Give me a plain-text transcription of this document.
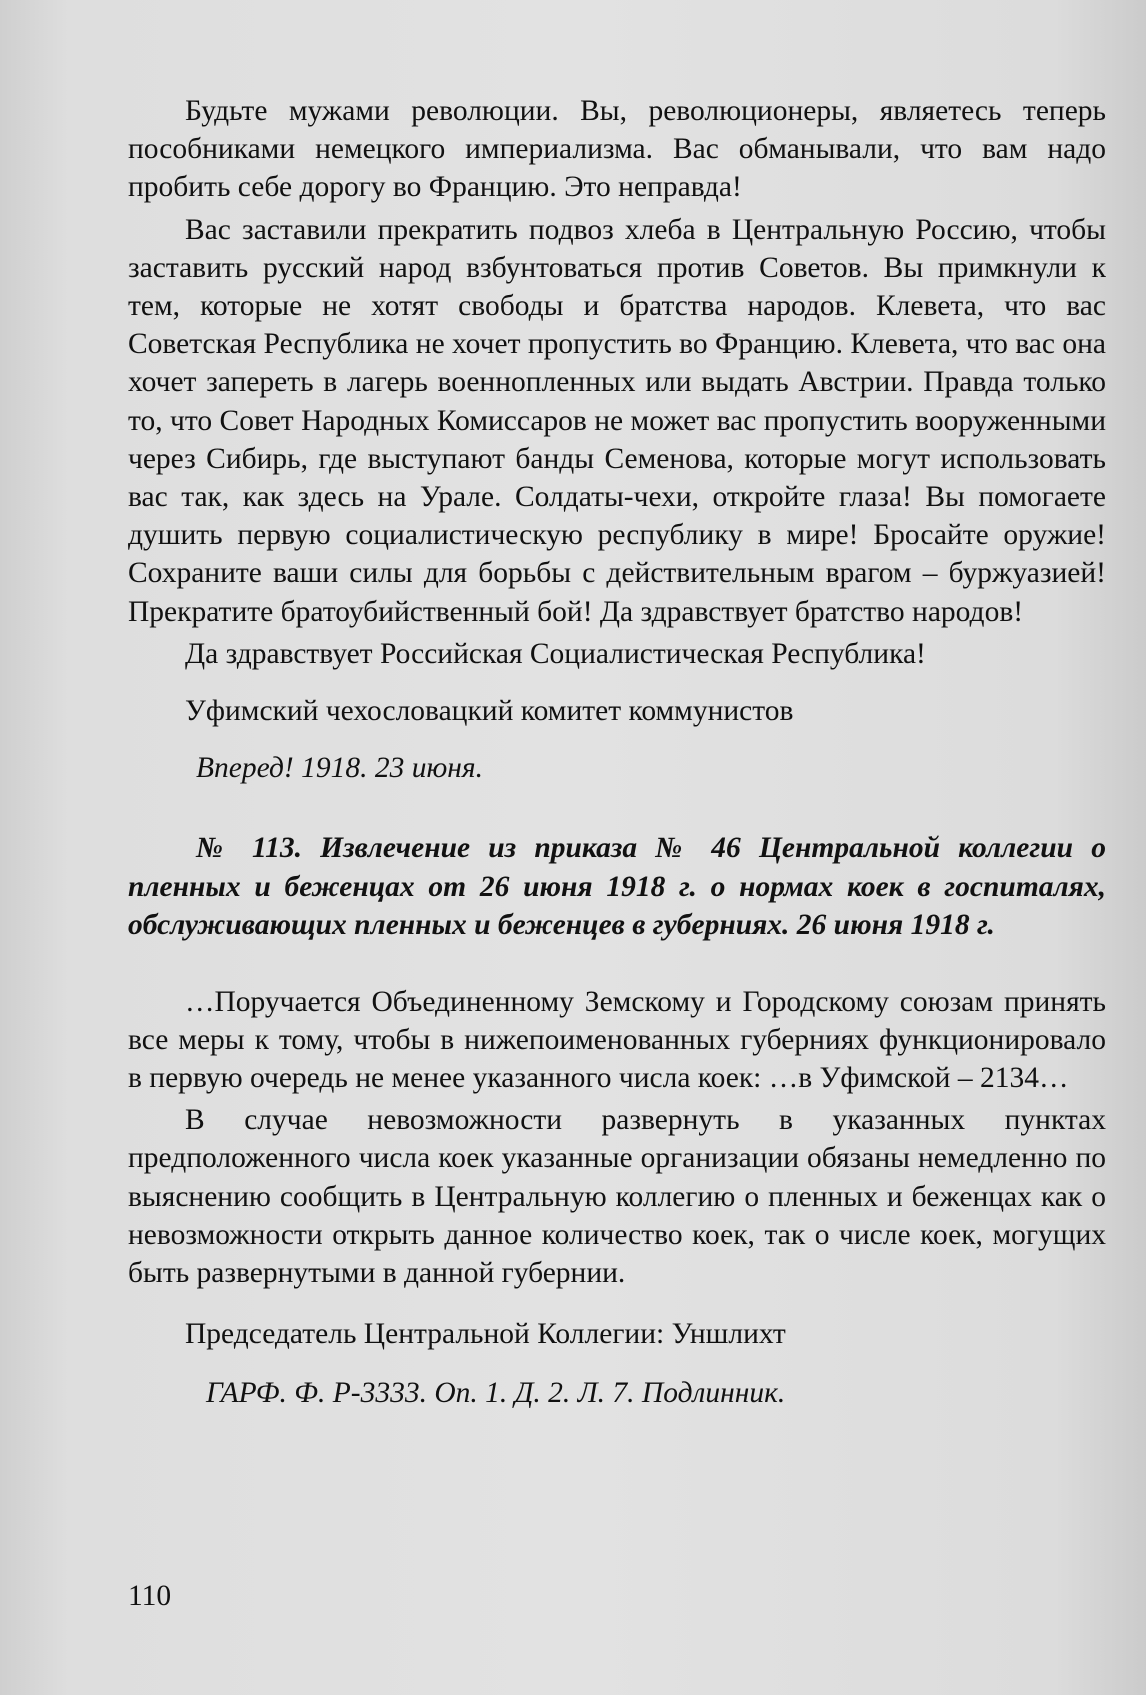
Будьте мужами революции. Вы, революционеры, являетесь теперь пособниками немецкого империализма. Вас обманывали, что вам надо пробить себе дорогу во Францию. Это неправда!

Вас заставили прекратить подвоз хлеба в Центральную Россию, чтобы заставить русский народ взбунтоваться против Советов. Вы примкнули к тем, которые не хотят свободы и братства народов. Клевета, что вас Советская Республика не хочет пропустить во Францию. Клевета, что вас она хочет запереть в лагерь военнопленных или выдать Австрии. Правда только то, что Совет Народных Комиссаров не может вас пропустить вооруженными через Сибирь, где выступают банды Семенова, которые могут использовать вас так, как здесь на Урале. Солдаты-чехи, откройте глаза! Вы помогаете душить первую социалистическую республику в мире! Бросайте оружие! Сохраните ваши силы для борьбы с действительным врагом – буржуазией! Прекратите братоубийственный бой! Да здравствует братство народов!

Да здравствует Российская Социалистическая Республика!

Уфимский чехословацкий комитет коммунистов
Вперед! 1918. 23 июня.
№ 113. Извлечение из приказа № 46 Центральной коллегии о пленных и беженцах от 26 июня 1918 г. о нормах коек в госпиталях, обслуживающих пленных и беженцев в губерниях. 26 июня 1918 г.

…Поручается Объединенному Земскому и Городскому союзам принять все меры к тому, чтобы в нижепоименованных губерниях функционировало в первую очередь не менее указанного числа коек: …в Уфимской – 2134…

В случае невозможности развернуть в указанных пунктах предположенного числа коек указанные организации обязаны немедленно по выяснению сообщить в Центральную коллегию о пленных и беженцах как о невозможности открыть данное количество коек, так о числе коек, могущих быть развернутыми в данной губернии.

Председатель Центральной Коллегии: Уншлихт
ГАРФ. Ф. Р-3333. Оп. 1. Д. 2. Л. 7. Подлинник.
110
